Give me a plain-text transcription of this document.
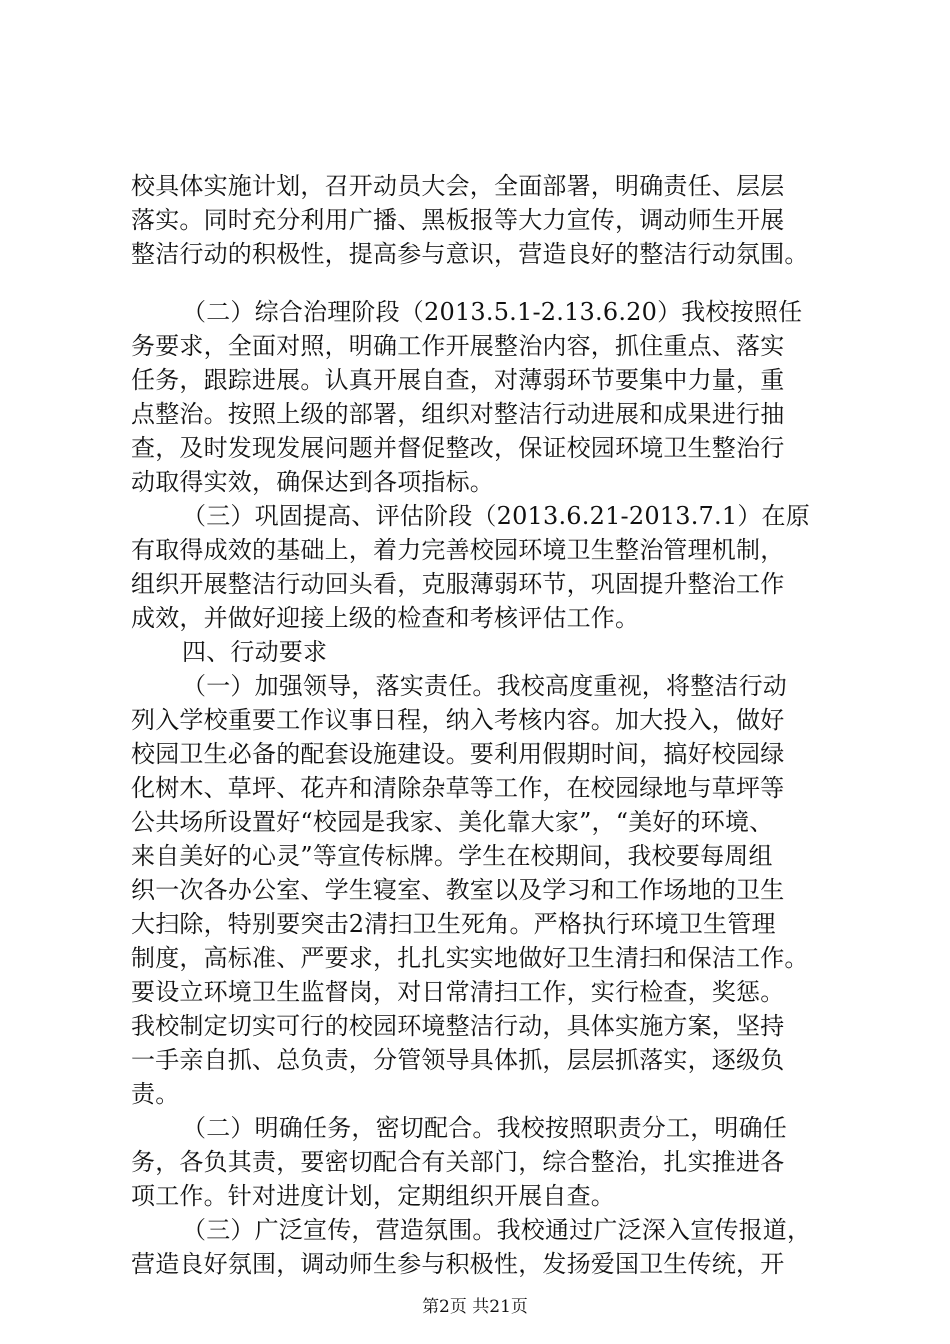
校具体实施计划，召开动员大会，全面部署，明确责任、层层
落实。同时充分利用广播、黑板报等大力宣传，调动师生开展
整洁行动的积极性，提高参与意识，营造良好的整洁行动氛围。
（二）综合治理阶段（2013.5.1-2.13.6.20）我校按照任
务要求，全面对照，明确工作开展整治内容，抓住重点、落实
任务，跟踪进展。认真开展自查，对薄弱环节要集中力量，重
点整治。按照上级的部署，组织对整洁行动进展和成果进行抽
查，及时发现发展问题并督促整改，保证校园环境卫生整治行
动取得实效，确保达到各项指标。
（三）巩固提高、评估阶段（2013.6.21-2013.7.1）在原
有取得成效的基础上，着力完善校园环境卫生整治管理机制，
组织开展整洁行动回头看，克服薄弱环节，巩固提升整治工作
成效，并做好迎接上级的检查和考核评估工作。
四、行动要求
（一）加强领导，落实责任。我校高度重视，将整洁行动
列入学校重要工作议事日程，纳入考核内容。加大投入，做好
校园卫生必备的配套设施建设。要利用假期时间，搞好校园绿
化树木、草坪、花卉和清除杂草等工作，在校园绿地与草坪等
公共场所设置好“校园是我家、美化靠大家”，“美好的环境、
来自美好的心灵”等宣传标牌。学生在校期间，我校要每周组
织一次各办公室、学生寝室、教室以及学习和工作场地的卫生
大扫除，特别要突击2清扫卫生死角。严格执行环境卫生管理
制度，高标准、严要求，扎扎实实地做好卫生清扫和保洁工作。
要设立环境卫生监督岗，对日常清扫工作，实行检查，奖惩。
我校制定切实可行的校园环境整洁行动，具体实施方案，坚持
一手亲自抓、总负责，分管领导具体抓，层层抓落实，逐级负
责。
（二）明确任务，密切配合。我校按照职责分工，明确任
务，各负其责，要密切配合有关部门，综合整治，扎实推进各
项工作。针对进度计划，定期组织开展自查。
（三）广泛宣传，营造氛围。我校通过广泛深入宣传报道，
营造良好氛围，调动师生参与积极性，发扬爱国卫生传统，开
第2页 共21页
